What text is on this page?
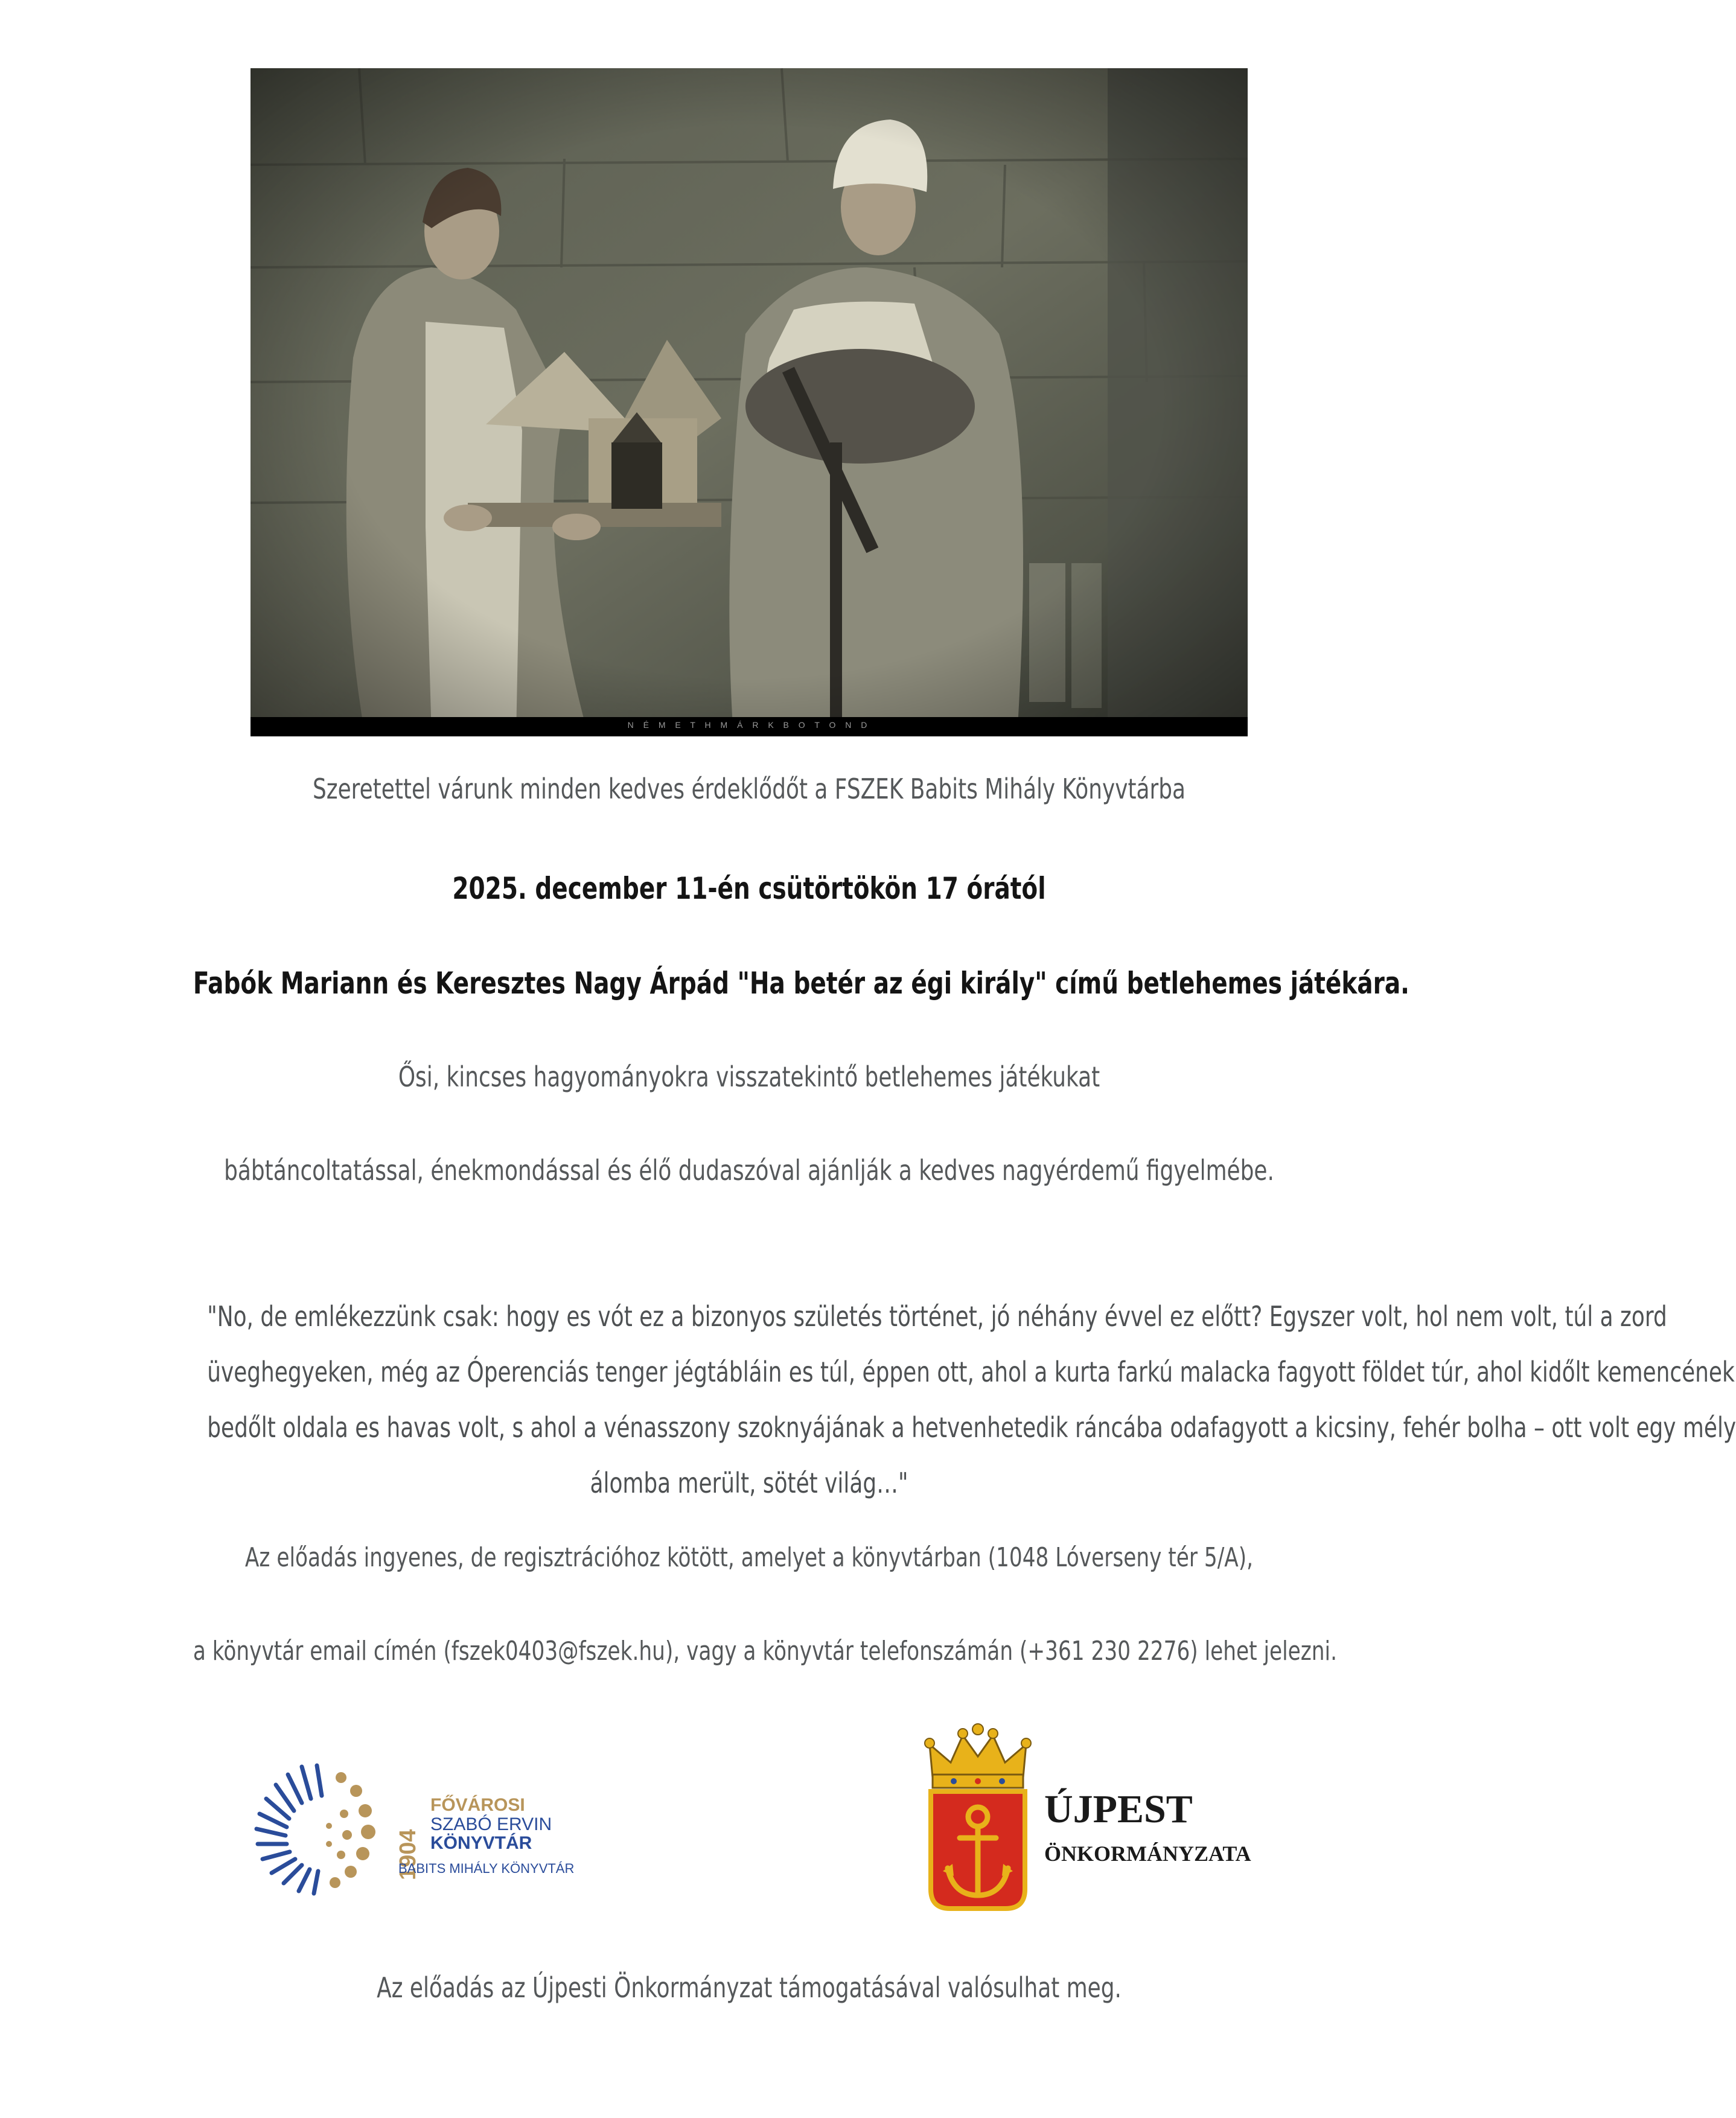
N É M E T H M Á R K B O T O N D
Szeretettel várunk minden kedves érdeklődőt a FSZEK Babits Mihály Könyvtárba
2025. december 11-én csütörtökön 17 órától
Fabók Mariann és Keresztes Nagy Árpád "Ha betér az égi király" című betlehemes játékára.
Ősi, kincses hagyományokra visszatekintő betlehemes játékukat
bábtáncoltatással, énekmondással és élő dudaszóval ajánlják a kedves nagyérdemű figyelmébe.
"No, de emlékezzünk csak: hogy es vót ez a bizonyos születés történet, jó néhány évvel ez előtt? Egyszer volt, hol nem volt, túl a zord
üveghegyeken, még az Óperenciás tenger jégtábláin es túl, éppen ott, ahol a kurta farkú malacka fagyott földet túr, ahol kidőlt kemencének
bedőlt oldala es havas volt, s ahol a vénasszony szoknyájának a hetvenhetedik ráncába odafagyott a kicsiny, fehér bolha – ott volt egy mély
álomba merült, sötét világ…"
Az előadás ingyenes, de regisztrációhoz kötött, amelyet a könyvtárban (1048 Lóverseny tér 5/A),
a könyvtár email címén (fszek0403@fszek.hu), vagy a könyvtár telefonszámán (+361 230 2276) lehet jelezni.
1904
FŐVÁROSI
SZABÓ ERVIN
KÖNYVTÁR
BABITS MIHÁLY KÖNYVTÁR
ÚJPEST
ÖNKORMÁNYZATA
Az előadás az Újpesti Önkormányzat támogatásával valósulhat meg.
